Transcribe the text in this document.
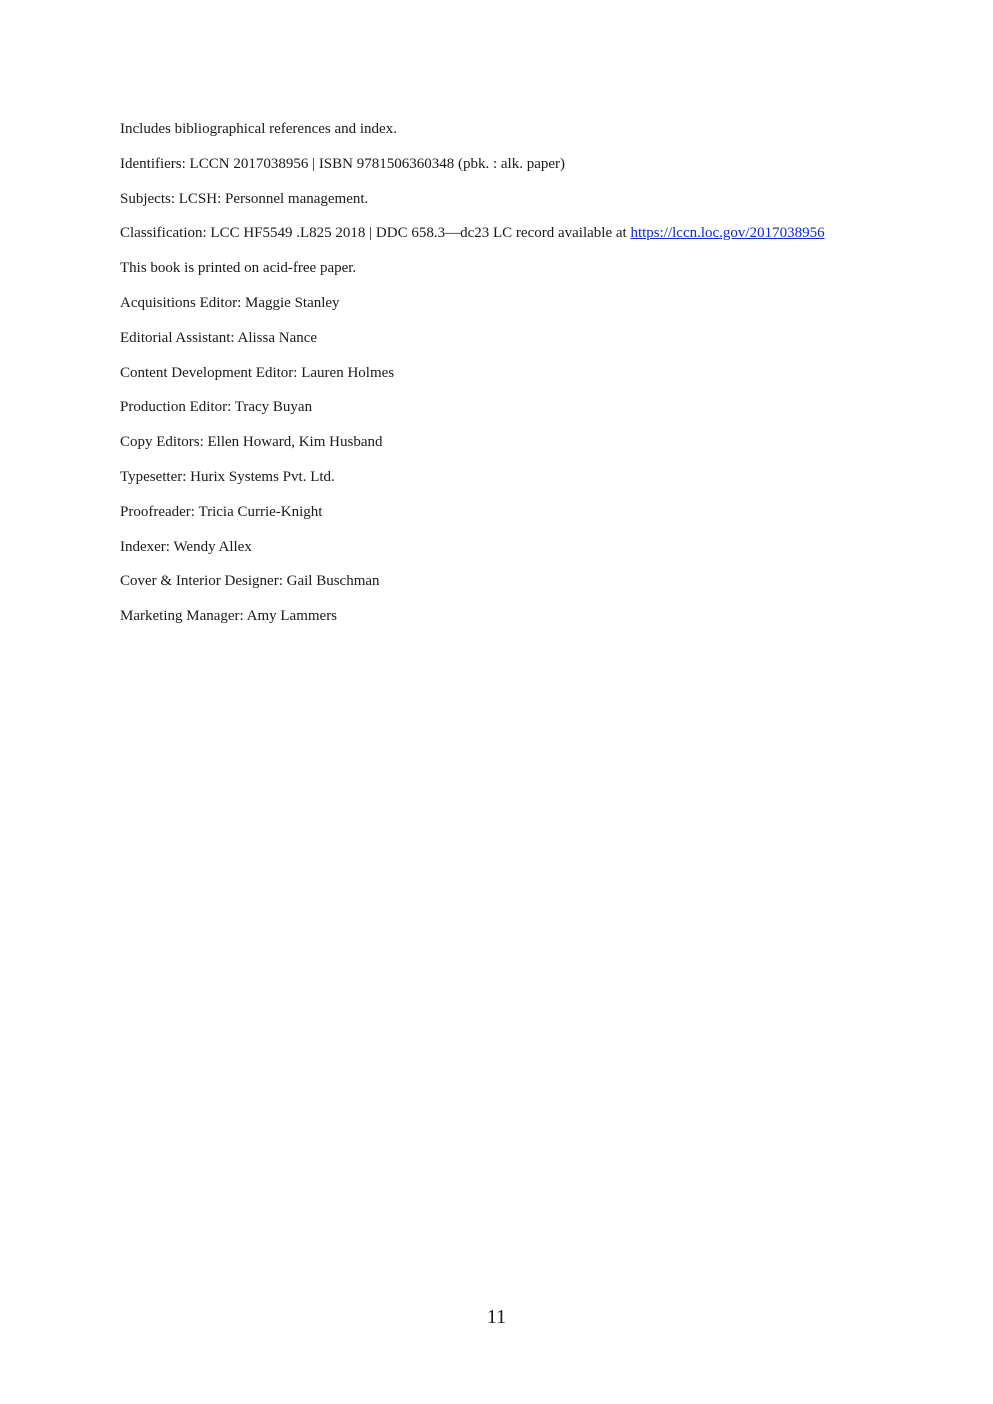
Includes bibliographical references and index.
Identifiers: LCCN 2017038956 | ISBN 9781506360348 (pbk. : alk. paper)
Subjects: LCSH: Personnel management.
Classification: LCC HF5549 .L825 2018 | DDC 658.3—dc23 LC record available at https://lccn.loc.gov/2017038956
This book is printed on acid-free paper.
Acquisitions Editor: Maggie Stanley
Editorial Assistant: Alissa Nance
Content Development Editor: Lauren Holmes
Production Editor: Tracy Buyan
Copy Editors: Ellen Howard, Kim Husband
Typesetter: Hurix Systems Pvt. Ltd.
Proofreader: Tricia Currie-Knight
Indexer: Wendy Allex
Cover & Interior Designer: Gail Buschman
Marketing Manager: Amy Lammers
11
